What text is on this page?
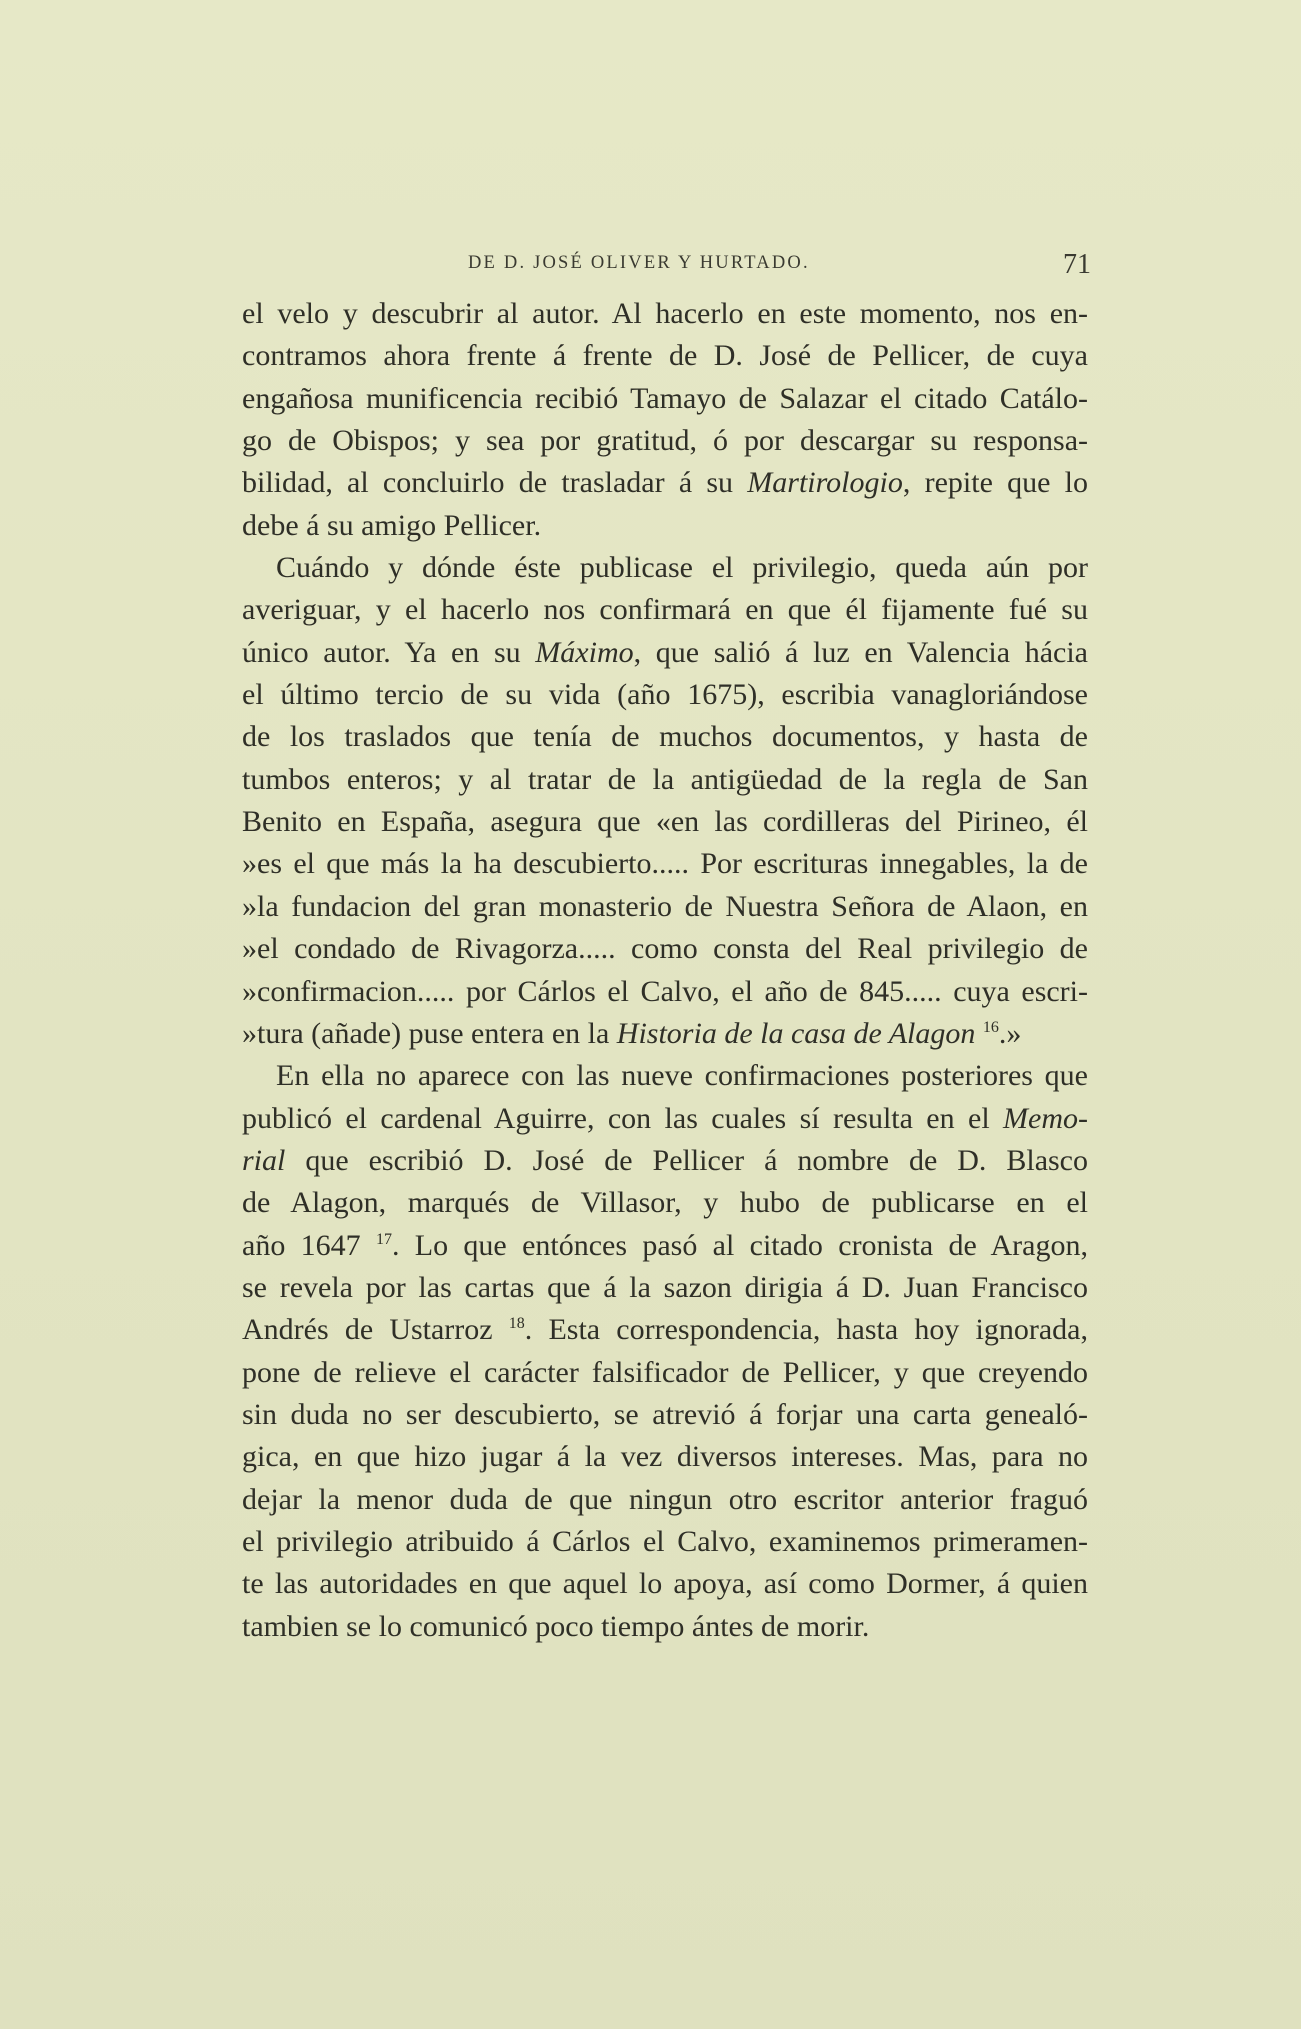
DE D. JOSÉ OLIVER Y HURTADO.	71
el velo y descubrir al autor. Al hacerlo en este momento, nos en-
contramos ahora frente á frente de D. José de Pellicer, de cuya
engañosa munificencia recibió Tamayo de Salazar el citado Catálo-
go de Obispos; y sea por gratitud, ó por descargar su responsa-
bilidad, al concluirlo de trasladar á su Martirologio, repite que lo
debe á su amigo Pellicer.
Cuándo y dónde éste publicase el privilegio, queda aún por
averiguar, y el hacerlo nos confirmará en que él fijamente fué su
único autor. Ya en su Máximo, que salió á luz en Valencia hácia
el último tercio de su vida (año 1675), escribia vanagloriándose
de los traslados que tenía de muchos documentos, y hasta de
tumbos enteros; y al tratar de la antigüedad de la regla de San
Benito en España, asegura que «en las cordilleras del Pirineo, él
»es el que más la ha descubierto..... Por escrituras innegables, la de
»la fundacion del gran monasterio de Nuestra Señora de Alaon, en
»el condado de Rivagorza..... como consta del Real privilegio de
»confirmacion..... por Cárlos el Calvo, el año de 845..... cuya escri-
»tura (añade) puse entera en la Historia de la casa de Alagon $^{16}$.»
En ella no aparece con las nueve confirmaciones posteriores que
publicó el cardenal Aguirre, con las cuales sí resulta en el Memo-
rial que escribió D. José de Pellicer á nombre de D. Blasco
de Alagon, marqués de Villasor, y hubo de publicarse en el
año 1647 $^{17}$. Lo que entónces pasó al citado cronista de Aragon,
se revela por las cartas que á la sazon dirigia á D. Juan Francisco
Andrés de Ustarroz $^{18}$. Esta correspondencia, hasta hoy ignorada,
pone de relieve el carácter falsificador de Pellicer, y que creyendo
sin duda no ser descubierto, se atrevió á forjar una carta genealó-
gica, en que hizo jugar á la vez diversos intereses. Mas, para no
dejar la menor duda de que ningun otro escritor anterior fraguó
el privilegio atribuido á Cárlos el Calvo, examinemos primeramen-
te las autoridades en que aquel lo apoya, así como Dormer, á quien
tambien se lo comunicó poco tiempo ántes de morir.
